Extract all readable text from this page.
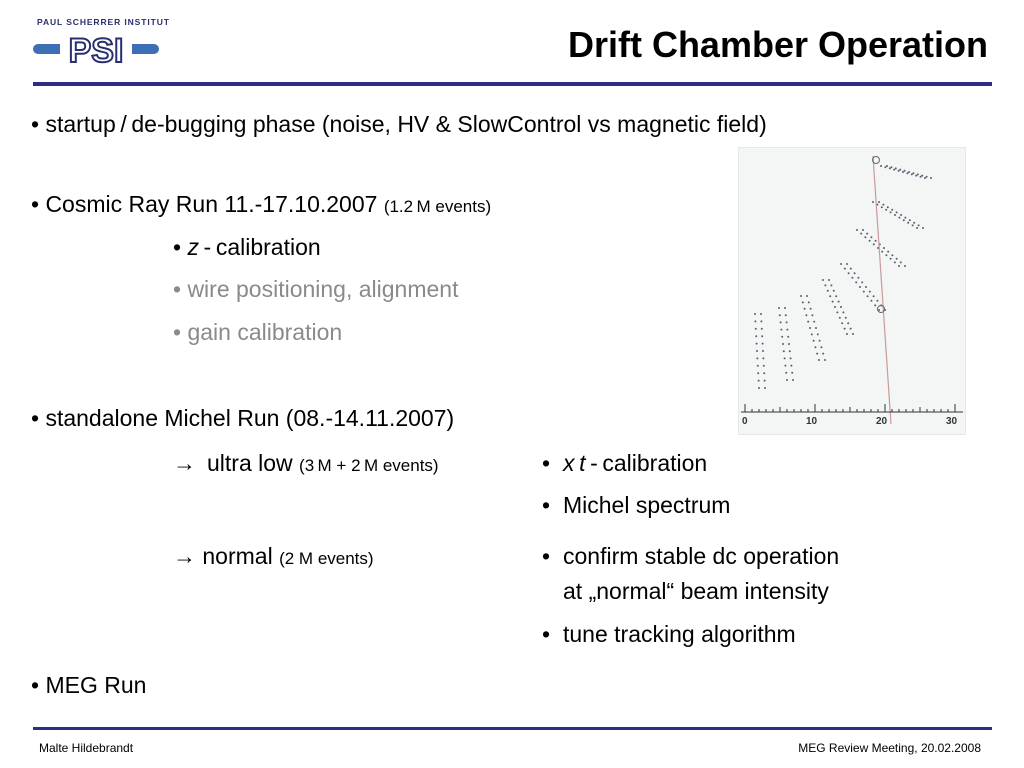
PAUL SCHERRER INSTITUT
PSI	Drift Chamber Operation
• startup / de-bugging phase (noise, HV & SlowControl vs magnetic field)
• Cosmic Ray Run 11.-17.10.2007 (1.2 M events)
• z - calibration
• wire positioning, alignment
• gain calibration
• standalone Michel Run (08.-14.11.2007)
→  ultra low (3 M + 2 M events)
→ normal (2 M events)
• x t - calibration
• Michel spectrum
• confirm stable dc operation
at „normal“ beam intensity
• tune tracking algorithm
• MEG Run
0	10	20	30
Malte Hildebrandt	MEG Review Meeting, 20.02.2008
